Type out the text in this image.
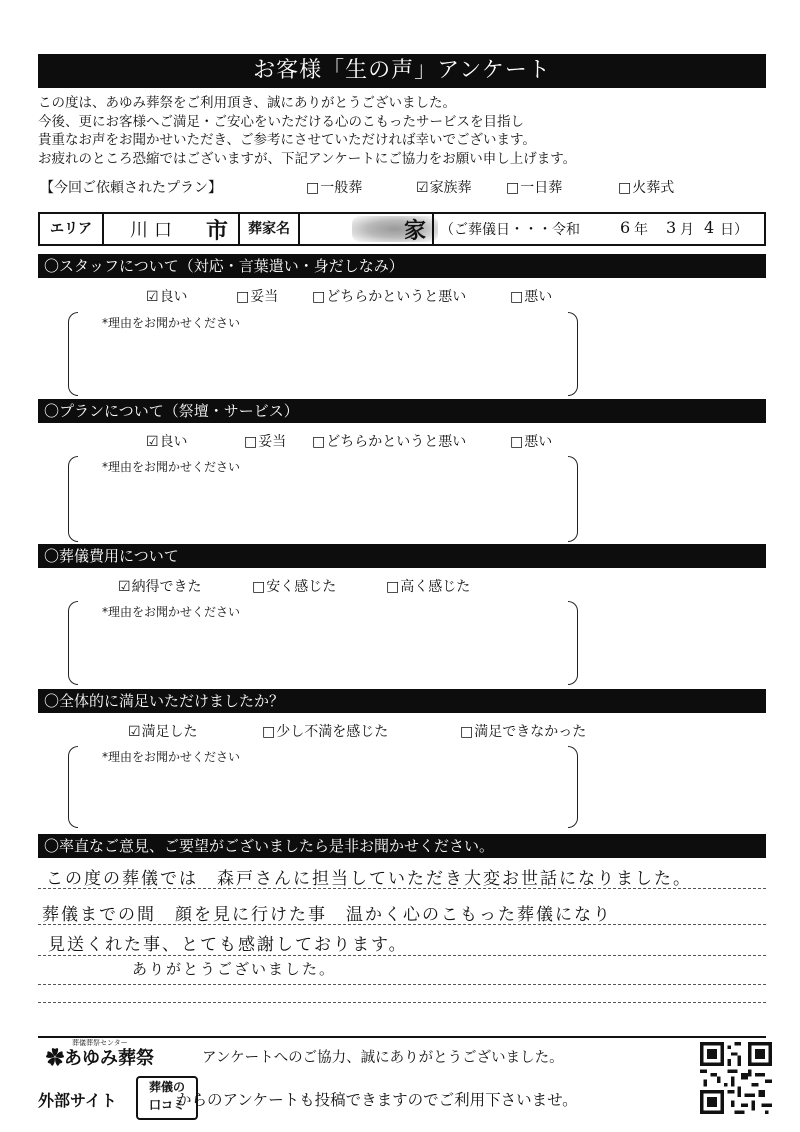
お客様「生の声」アンケート
この度は、あゆみ葬祭をご利用頂き、誠にありがとうございました。
今後、更にお客様へご満足・ご安心をいただける心のこもったサービスを目指し
貴重なお声をお聞かせいただき、ご参考にさせていただければ幸いでございます。
お疲れのところ恐縮ではございますが、下記アンケートにご協力をお願い申し上げます。
【今回ご依頼されたプラン】	□ 一般葬	☑ 家族葬	□ 一日葬	□ 火葬式
エリア	川口 市	葬家名	家 （ご葬儀日・・・令和	6 年 3 月 4 日）
〇スタッフについて（対応・言葉遣い・身だしなみ）
☑ 良い	□ 妥当	□ どちらかというと悪い	□ 悪い
*理由をお聞かせください
〇プランについて（祭壇・サービス）
☑ 良い	□ 妥当	□ どちらかというと悪い	□ 悪い
*理由をお聞かせください
〇葬儀費用について
☑ 納得できた	□ 安く感じた	□ 高く感じた
*理由をお聞かせください
〇全体的に満足いただけましたか？
☑ 満足した	□ 少し不満を感じた	□ 満足できなかった
*理由をお聞かせください
〇率直なご意見、ご要望がございましたら是非お聞かせください。
この度の葬儀では　森戸さんに担当していただき大変お世話になりました。
葬儀までの間　顔を見に行けた事　温かく心のこもった葬儀になり
見送くれた事、とても感謝しております。
ありがとうございました。
葬儀葬祭センター
✿あゆみ葬祭	アンケートへのご協力、誠にありがとうございました。
外部サイト
葬儀の
口コミ
からのアンケートも投稿できますのでご利用下さいませ。
